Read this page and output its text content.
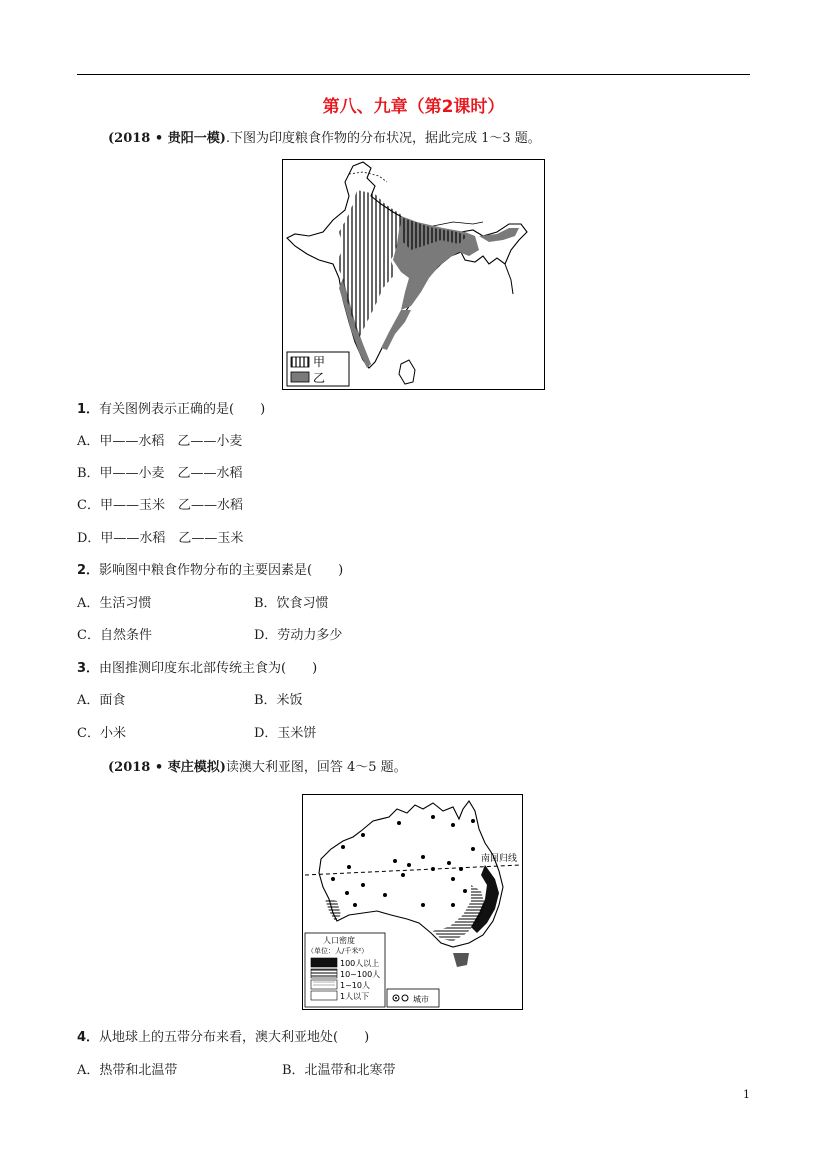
第八、九章（第2课时）
(2018 • 贵阳一模).下图为印度粮食作物的分布状况，据此完成 1～3 题。
甲
乙
1．有关图例表示正确的是(　　)
A．甲——水稻　乙——小麦
B．甲——小麦　乙——水稻
C．甲——玉米　乙——水稻
D．甲——水稻　乙——玉米
2．影响图中粮食作物分布的主要因素是(　　)
A．生活习惯	B．饮食习惯
C．自然条件	D．劳动力多少
3．由图推测印度东北部传统主食为(　　)
A．面食	B．米饭
C．小米	D．玉米饼
(2018 • 枣庄模拟)读澳大利亚图，回答 4～5 题。
南回归线
人口密度
（单位：人/千米²）
100人以上
10~100人
1~10人
1人以下	城市
4．从地球上的五带分布来看，澳大利亚地处(　　)
A．热带和北温带	B．北温带和北寒带
1
